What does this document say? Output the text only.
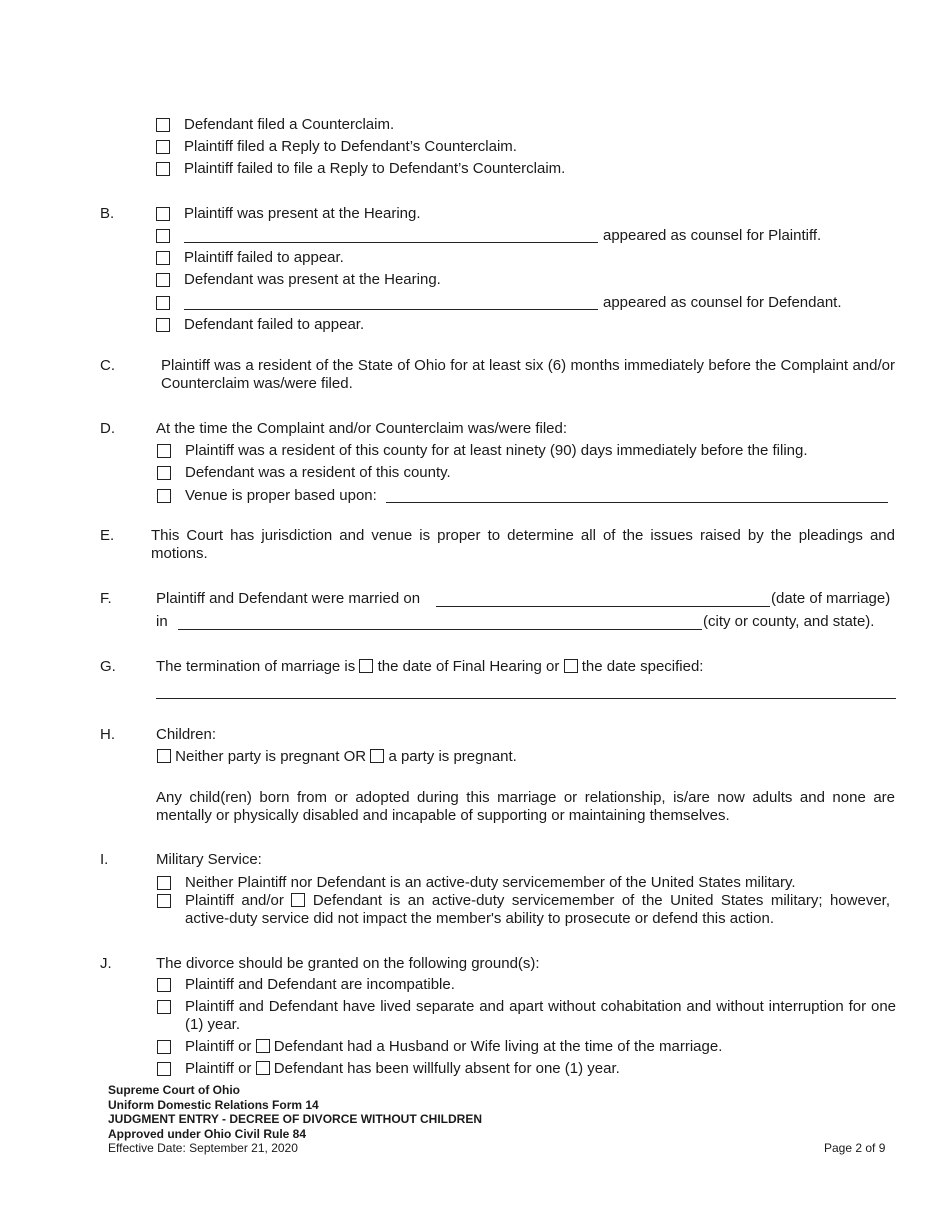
Defendant filed a Counterclaim.
Plaintiff filed a Reply to Defendant’s Counterclaim.
Plaintiff failed to file a Reply to Defendant’s Counterclaim.
B.	Plaintiff was present at the Hearing.
appeared as counsel for Plaintiff.
Plaintiff failed to appear.
Defendant was present at the Hearing.
appeared as counsel for Defendant.
Defendant failed to appear.
C.	Plaintiff was a resident of the State of Ohio for at least six (6) months immediately before the Complaint and/or Counterclaim was/were filed.
D.	At the time the Complaint and/or Counterclaim was/were filed:
Plaintiff was a resident of this county for at least ninety (90) days immediately before the filing.
Defendant was a resident of this county.
Venue is proper based upon:
E. This Court has jurisdiction and venue is proper to determine all of the issues raised by the pleadings and motions.
F.	Plaintiff and Defendant were married on	(date of marriage)
in	(city or county, and state).
G.	The termination of marriage is the date of Final Hearing or the date specified:
H.	Children:
Neither party is pregnant OR a party is pregnant.
Any child(ren) born from or adopted during this marriage or relationship, is/are now adults and none are mentally or physically disabled and incapable of supporting or maintaining themselves.
I.	Military Service:
Neither Plaintiff nor Defendant is an active-duty servicemember of the United States military.
Plaintiff and/or Defendant is an active-duty servicemember of the United States military; however, active-duty service did not impact the member's ability to prosecute or defend this action.
J.	The divorce should be granted on the following ground(s):
Plaintiff and Defendant are incompatible.
Plaintiff and Defendant have lived separate and apart without cohabitation and without interruption for one (1) year.
Plaintiff or Defendant had a Husband or Wife living at the time of the marriage.
Plaintiff or Defendant has been willfully absent for one (1) year.
Supreme Court of Ohio
Uniform Domestic Relations Form 14
JUDGMENT ENTRY - DECREE OF DIVORCE WITHOUT CHILDREN
Approved under Ohio Civil Rule 84
Effective Date: September 21, 2020	Page 2 of 9
